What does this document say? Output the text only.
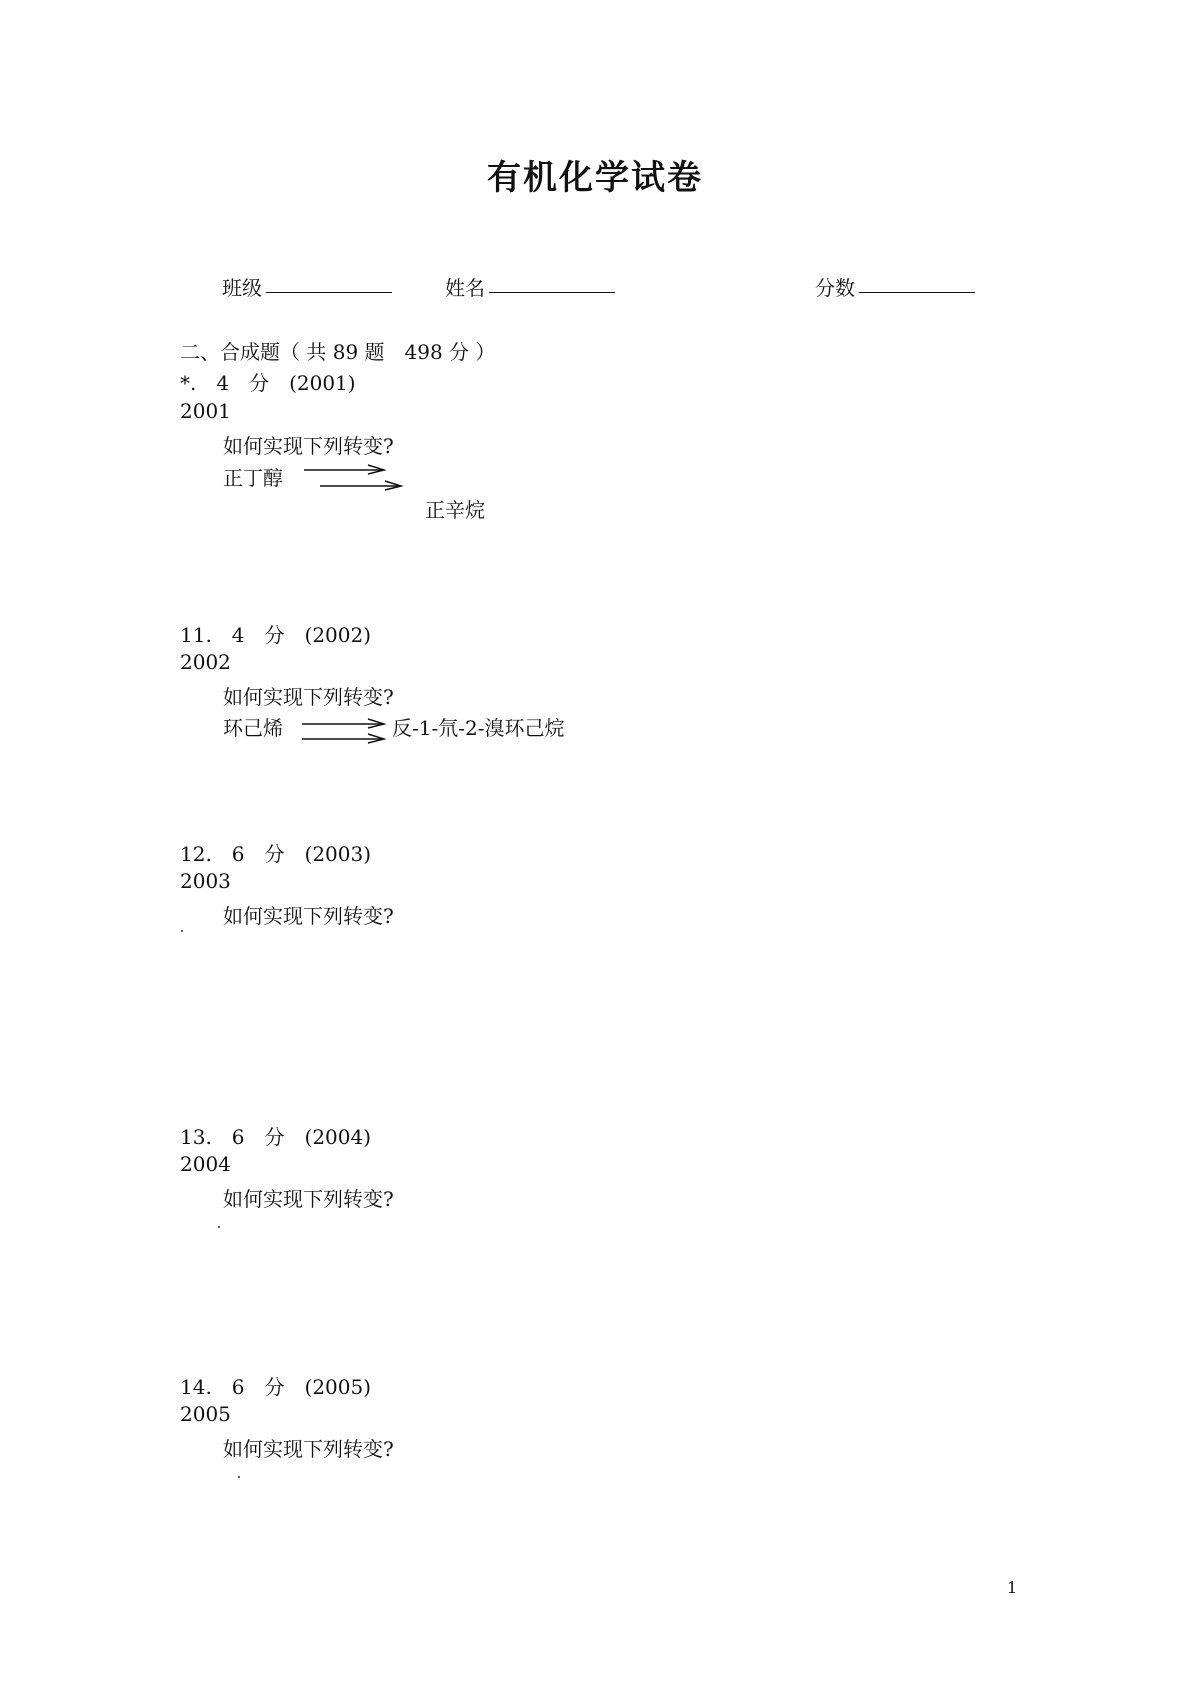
有机化学试卷
班级	姓名	分数
二、合成题（ 共 89 题　498 分 ）
*.　4　分　(2001)
2001
如何实现下列转变?
正丁醇
正辛烷
11.　4　分　(2002)
2002
如何实现下列转变?
环己烯	反-1-氘-2-溴环己烷
12.　6　分　(2003)
2003
如何实现下列转变?
13.　6　分　(2004)
2004
如何实现下列转变?
14.　6　分　(2005)
2005
如何实现下列转变?
1
